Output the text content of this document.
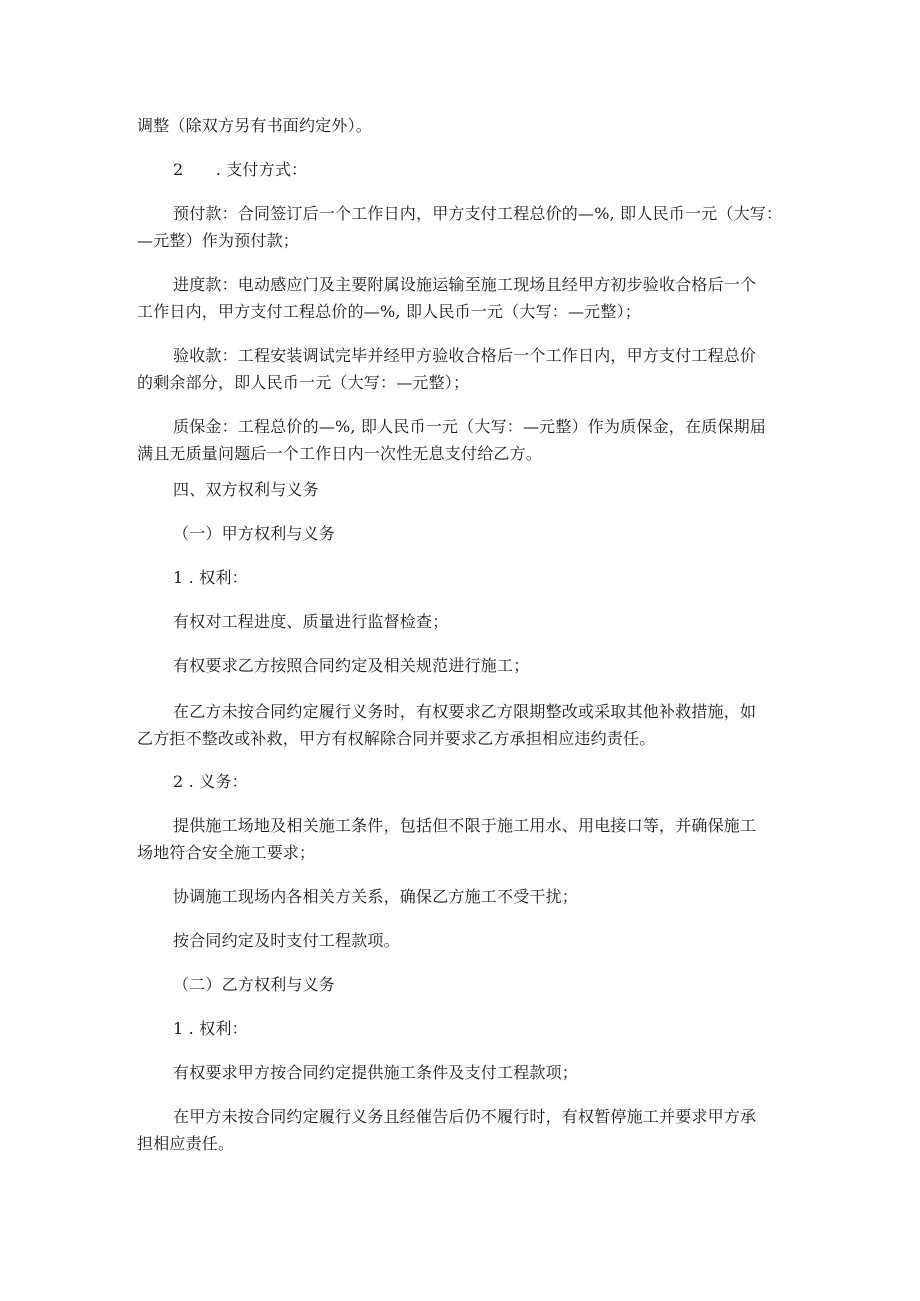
调整（除双方另有书面约定外）。
2　　. 支付方式：
预付款：合同签订后一个工作日内，甲方支付工程总价的—%, 即人民币一元（大写：
—元整）作为预付款；
进度款：电动感应门及主要附属设施运输至施工现场且经甲方初步验收合格后一个
工作日内，甲方支付工程总价的—%, 即人民币一元（大写：—元整）；
验收款：工程安装调试完毕并经甲方验收合格后一个工作日内，甲方支付工程总价
的剩余部分，即人民币一元（大写：—元整）；
质保金：工程总价的—%, 即人民币一元（大写：—元整）作为质保金，在质保期届
满且无质量问题后一个工作日内一次性无息支付给乙方。
四、双方权利与义务
（一）甲方权利与义务
1 . 权利：
有权对工程进度、质量进行监督检查；
有权要求乙方按照合同约定及相关规范进行施工；
在乙方未按合同约定履行义务时，有权要求乙方限期整改或采取其他补救措施，如
乙方拒不整改或补救，甲方有权解除合同并要求乙方承担相应违约责任。
2 . 义务：
提供施工场地及相关施工条件，包括但不限于施工用水、用电接口等，并确保施工
场地符合安全施工要求；
协调施工现场内各相关方关系，确保乙方施工不受干扰；
按合同约定及时支付工程款项。
（二）乙方权利与义务
1 . 权利：
有权要求甲方按合同约定提供施工条件及支付工程款项；
在甲方未按合同约定履行义务且经催告后仍不履行时，有权暂停施工并要求甲方承
担相应责任。
